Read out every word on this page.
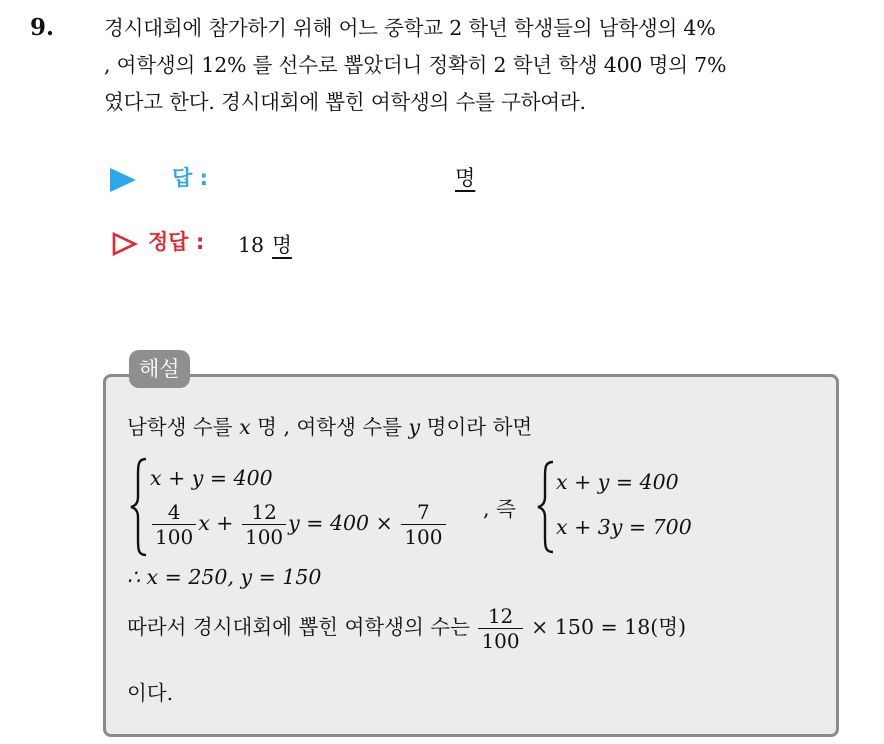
9. 경시대회에 참가하기 위해 어느 중학교 2 학년 학생들의 남학생의 4%
, 여학생의 12% 를 선수로 뽑았더니 정확히 2 학년 학생 400 명의 7%
였다고 한다. 경시대회에 뽑힌 여학생의 수를 구하여라.
답 :	명
정답 : 18 명
해설
남학생 수를 x 명 , 여학생 수를 y 명이라 하면
x + y = 400
$\frac{4}{100}$ $x + \frac{12}{100}$ $y = 400 \times \frac{7}{100}$ , 즉
x + y = 400
x + 3y = 700
∴ x = 250, y = 150
따라서 경시대회에 뽑힌 여학생의 수는 $\frac{12}{100} \times 150 = 18$(명)
이다.
